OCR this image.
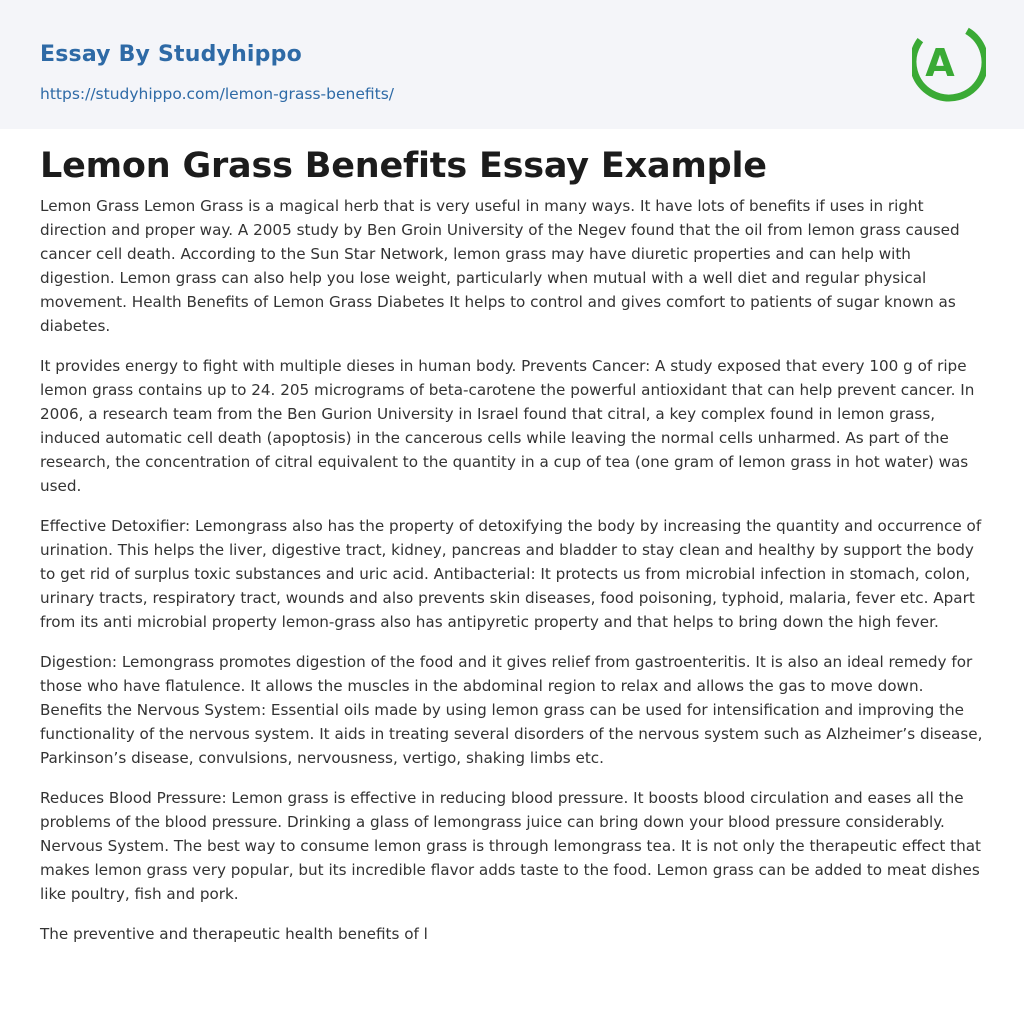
Essay By Studyhippo
https://studyhippo.com/lemon-grass-benefits/
A
Lemon Grass Benefits Essay Example

Lemon Grass Lemon Grass is a magical herb that is very useful in many ways. It have lots of benefits if uses in right direction and proper way. A 2005 study by Ben Groin University of the Negev found that the oil from lemon grass caused cancer cell death. According to the Sun Star Network, lemon grass may have diuretic properties and can help with digestion. Lemon grass can also help you lose weight, particularly when mutual with a well diet and regular physical movement. Health Benefits of Lemon Grass Diabetes It helps to control and gives comfort to patients of sugar known as diabetes.

It provides energy to fight with multiple dieses in human body. Prevents Cancer: A study exposed that every 100 g of ripe lemon grass contains up to 24. 205 micrograms of beta-carotene the powerful antioxidant that can help prevent cancer. In 2006, a research team from the Ben Gurion University in Israel found that citral, a key complex found in lemon grass, induced automatic cell death (apoptosis) in the cancerous cells while leaving the normal cells unharmed. As part of the research, the concentration of citral equivalent to the quantity in a cup of tea (one gram of lemon grass in hot water) was used.

Effective Detoxifier: Lemongrass also has the property of detoxifying the body by increasing the quantity and occurrence of urination. This helps the liver, digestive tract, kidney, pancreas and bladder to stay clean and healthy by support the body to get rid of surplus toxic substances and uric acid. Antibacterial: It protects us from microbial infection in stomach, colon, urinary tracts, respiratory tract, wounds and also prevents skin diseases, food poisoning, typhoid, malaria, fever etc. Apart from its anti microbial property lemon-grass also has antipyretic property and that helps to bring down the high fever.

Digestion: Lemongrass promotes digestion of the food and it gives relief from gastroenteritis. It is also an ideal remedy for those who have flatulence. It allows the muscles in the abdominal region to relax and allows the gas to move down. Benefits the Nervous System: Essential oils made by using lemon grass can be used for intensification and improving the functionality of the nervous system. It aids in treating several disorders of the nervous system such as Alzheimer’s disease, Parkinson’s disease, convulsions, nervousness, vertigo, shaking limbs etc.

Reduces Blood Pressure: Lemon grass is effective in reducing blood pressure. It boosts blood circulation and eases all the problems of the blood pressure. Drinking a glass of lemongrass juice can bring down your blood pressure considerably. Nervous System. The best way to consume lemon grass is through lemongrass tea. It is not only the therapeutic effect that makes lemon grass very popular, but its incredible flavor adds taste to the food. Lemon grass can be added to meat dishes like poultry, fish and pork.

The preventive and therapeutic health benefits of l
